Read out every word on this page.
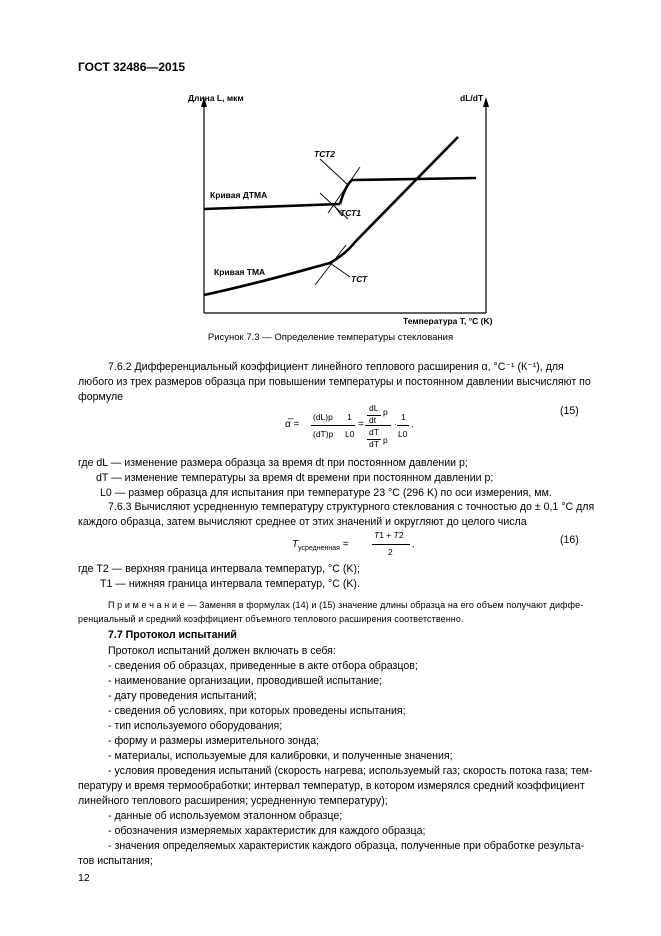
ГОСТ 32486—2015
Длина L, мкм	dL/dT
Температура T, °C (K)
Кривая ДТМА
Кривая ТМА
TСТ2
TСТ1
TСТ
Рисунок 7.3 — Определение температуры стеклования
7.6.2 Дифференциальный коэффициент линейного теплового расширения α, °С⁻¹ (К⁻¹), для
любого из трех размеров образца при повышении температуры и постоянном давлении высчисляют по
формуле
α̅ =
(dL)p
(dT)p
1
L0
=
dL p
dt
dT
dT p
·
1
L0
,
(15)
где dL — изменение размера образца за время dt при постоянном давлении p;
dT — изменение температуры за время dt времени при постоянном давлении p;
L0 — размер образца для испытания при температуре 23 °C (296 K) по оси измерения, мм.
7.6.3 Вычисляют усредненную температуру структурного стеклования с точностью до ± 0,1 °C для
каждого образца, затем вычисляют среднее от этих значений и округляют до целого числа
$T_{усредненная}$ =
T1 + T2
2
,	(16)
где T2 — верхняя граница интервала температур, °C (K);
T1 — нижняя граница интервала температур, °C (K).
П р и м е ч а н и е — Заменяя в формулах (14) и (15) значение длины образца на его объем получают диффе-
ренциальный и средний коэффициент объемного теплового расширения соответственно.
7.7 Протокол испытаний
Протокол испытаний должен включать в себя:
- сведения об образцах, приведенные в акте отбора образцов;
- наименование организации, проводившей испытание;
- дату проведения испытаний;
- сведения об условиях, при которых проведены испытания;
- тип используемого оборудования;
- форму и размеры измерительного зонда;
- материалы, используемые для калибровки, и полученные значения;
- условия проведения испытаний (скорость нагрева; используемый газ; скорость потока газа; тем-
пературу и время термообработки; интервал температур, в котором измерялся средний коэффициент
линейного теплового расширения; усредненную температуру);
- данные об используемом эталонном образце;
- обозначения измеряемых характеристик для каждого образца;
- значения определяемых характеристик каждого образца, полученные при обработке результа-
тов испытания;
12
